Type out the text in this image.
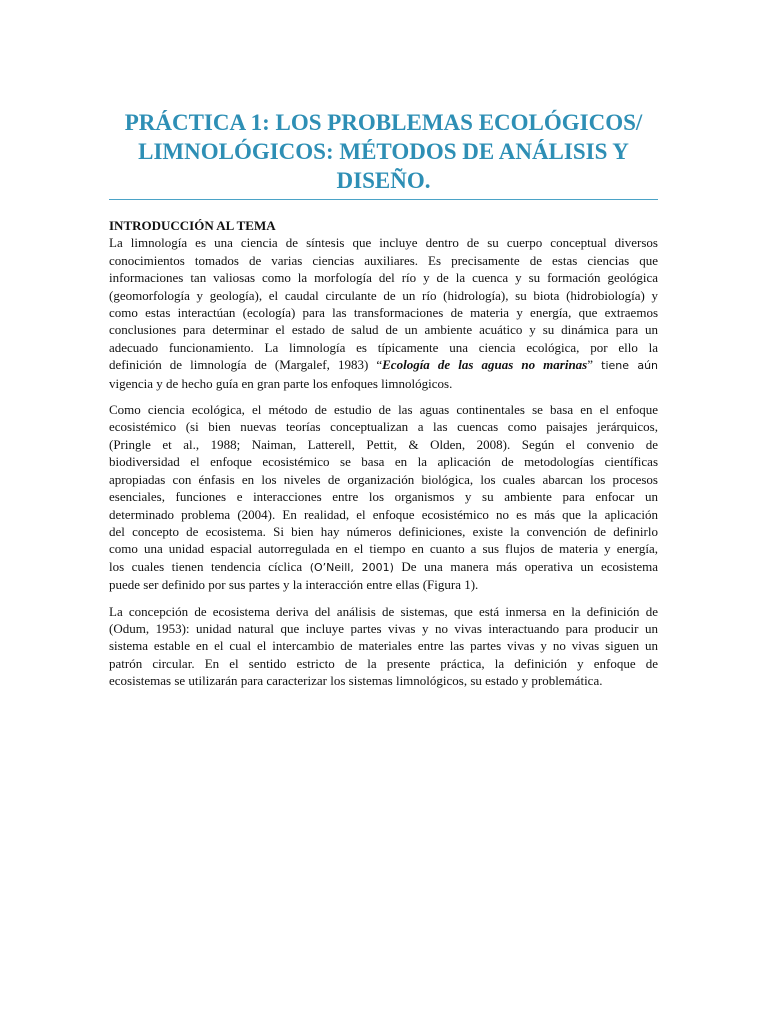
PRÁCTICA 1: LOS PROBLEMAS ECOLÓGICOS/
LIMNOLÓGICOS: MÉTODOS DE ANÁLISIS Y
DISEÑO.
INTRODUCCIÓN AL TEMA

La limnología es una ciencia de síntesis que incluye dentro de su cuerpo conceptual diversos
conocimientos tomados de varias ciencias auxiliares. Es precisamente de estas ciencias que
informaciones tan valiosas como la morfología del río y de la cuenca y su formación geológica
(geomorfología y geología), el caudal circulante de un río (hidrología), su biota (hidrobiología) y
como estas interactúan (ecología) para las transformaciones de materia y energía, que extraemos
conclusiones para determinar el estado de salud de un ambiente acuático y su dinámica para un
adecuado funcionamiento. La limnología es típicamente una ciencia ecológica, por ello la
definición de limnología de (Margalef, 1983) “Ecología de las aguas no marinas” tiene aún
vigencia y de hecho guía en gran parte los enfoques limnológicos.

Como ciencia ecológica, el método de estudio de las aguas continentales se basa en el enfoque
ecosistémico (si bien nuevas teorías conceptualizan a las cuencas como paisajes jerárquicos,
(Pringle et al., 1988; Naiman, Latterell, Pettit, & Olden, 2008). Según el convenio de
biodiversidad el enfoque ecosistémico se basa en la aplicación de metodologías científicas
apropiadas con énfasis en los niveles de organización biológica, los cuales abarcan los procesos
esenciales, funciones e interacciones entre los organismos y su ambiente para enfocar un
determinado problema (2004). En realidad, el enfoque ecosistémico no es más que la aplicación
del concepto de ecosistema. Si bien hay números definiciones, existe la convención de definirlo
como una unidad espacial autorregulada en el tiempo en cuanto a sus flujos de materia y energía,
los cuales tienen tendencia cíclica (O’Neill, 2001) De una manera más operativa un ecosistema
puede ser definido por sus partes y la interacción entre ellas (Figura 1).

La concepción de ecosistema deriva del análisis de sistemas, que está inmersa en la definición de
(Odum, 1953): unidad natural que incluye partes vivas y no vivas interactuando para producir un
sistema estable en el cual el intercambio de materiales entre las partes vivas y no vivas siguen un
patrón circular. En el sentido estricto de la presente práctica, la definición y enfoque de
ecosistemas se utilizarán para caracterizar los sistemas limnológicos, su estado y problemática.
